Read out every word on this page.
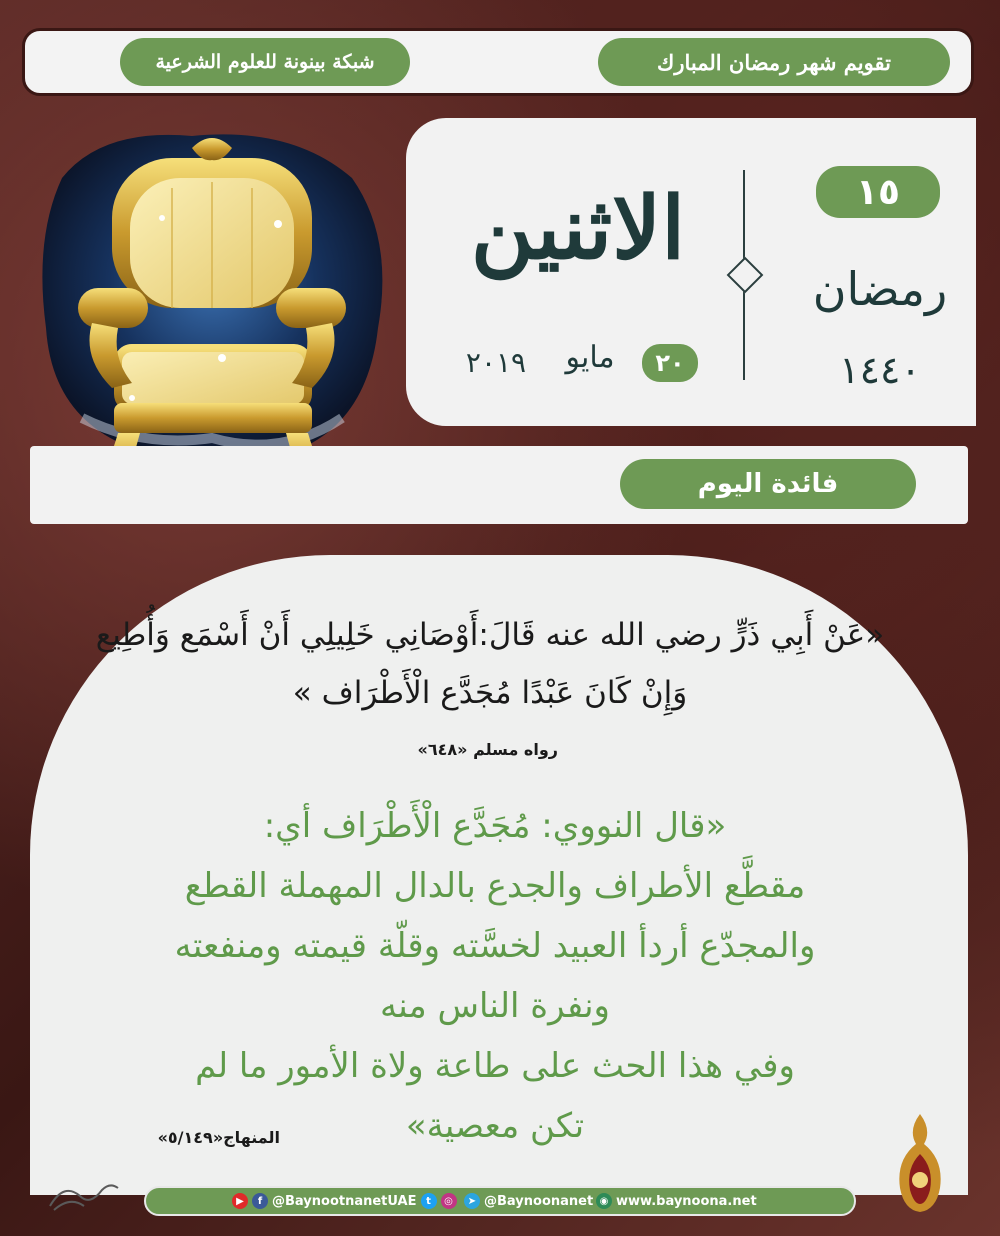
شبكة بينونة للعلوم الشرعية	تقويم شهر رمضان المبارك
١٥
رمضان
١٤٤٠
الاثنين
٢٠
مايو
٢٠١٩
فائدة اليوم
«عَنْ أَبِي ذَرٍّ رضي الله عنه قَالَ:أَوْصَانِي خَلِيلِي أَنْ أَسْمَع وَأُطِيع وَإِنْ كَانَ عَبْدًا مُجَدَّع الْأَطْرَاف »
رواه مسلم «٦٤٨»
«قال النووي: مُجَدَّع الْأَطْرَاف أي:
مقطَّع الأطراف والجدع بالدال المهملة القطع
والمجدّع أردأ العبيد لخسَّته وقلّة قيمته ومنفعته
ونفرة الناس منه
وفي هذا الحث على طاعة ولاة الأمور ما لم
تكن معصية»
المنهاج«٥/١٤٩»
▶	f @BaynootnanetUAE t	◎	➤ @Baynoonanet ◉ www.baynoona.net
